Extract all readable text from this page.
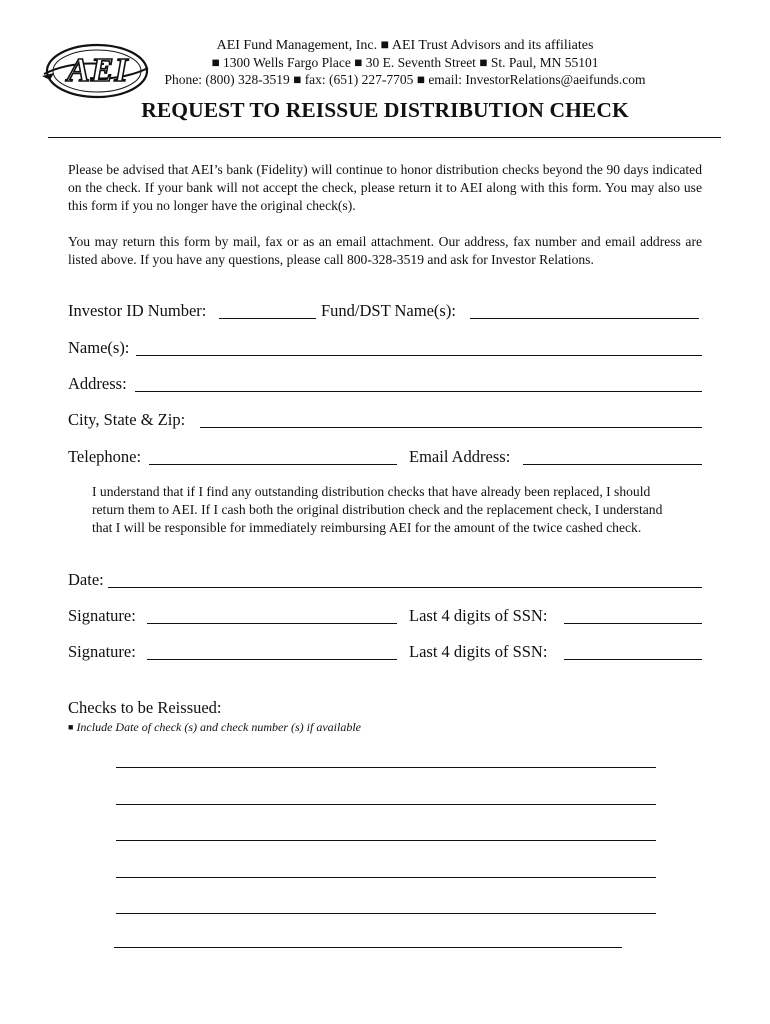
AEI
AEI Fund Management, Inc. ■ AEI Trust Advisors and its affiliates
■ 1300 Wells Fargo Place ■ 30 E. Seventh Street ■ St. Paul, MN 55101
Phone: (800) 328-3519 ■ fax: (651) 227-7705 ■ email: InvestorRelations@aeifunds.com
REQUEST TO REISSUE DISTRIBUTION CHECK
Please be advised that AEI’s bank (Fidelity) will continue to honor distribution checks beyond the 90 days indicated on the check. If your bank will not accept the check, please return it to AEI along with this form. You may also use this form if you no longer have the original check(s).
You may return this form by mail, fax or as an email attachment. Our address, fax number and email address are listed above. If you have any questions, please call 800-328-3519 and ask for Investor Relations.
Investor ID Number:	Fund/DST Name(s):
Name(s):
Address:
City, State & Zip:
Telephone:	Email Address:
I understand that if I find any outstanding distribution checks that have already been replaced, I should return them to AEI. If I cash both the original distribution check and the replacement check, I understand that I will be responsible for immediately reimbursing AEI for the amount of the twice cashed check.
Date:
Signature:	Last 4 digits of SSN:
Signature:	Last 4 digits of SSN:
Checks to be Reissued:
■ Include Date of check (s) and check number (s) if available
